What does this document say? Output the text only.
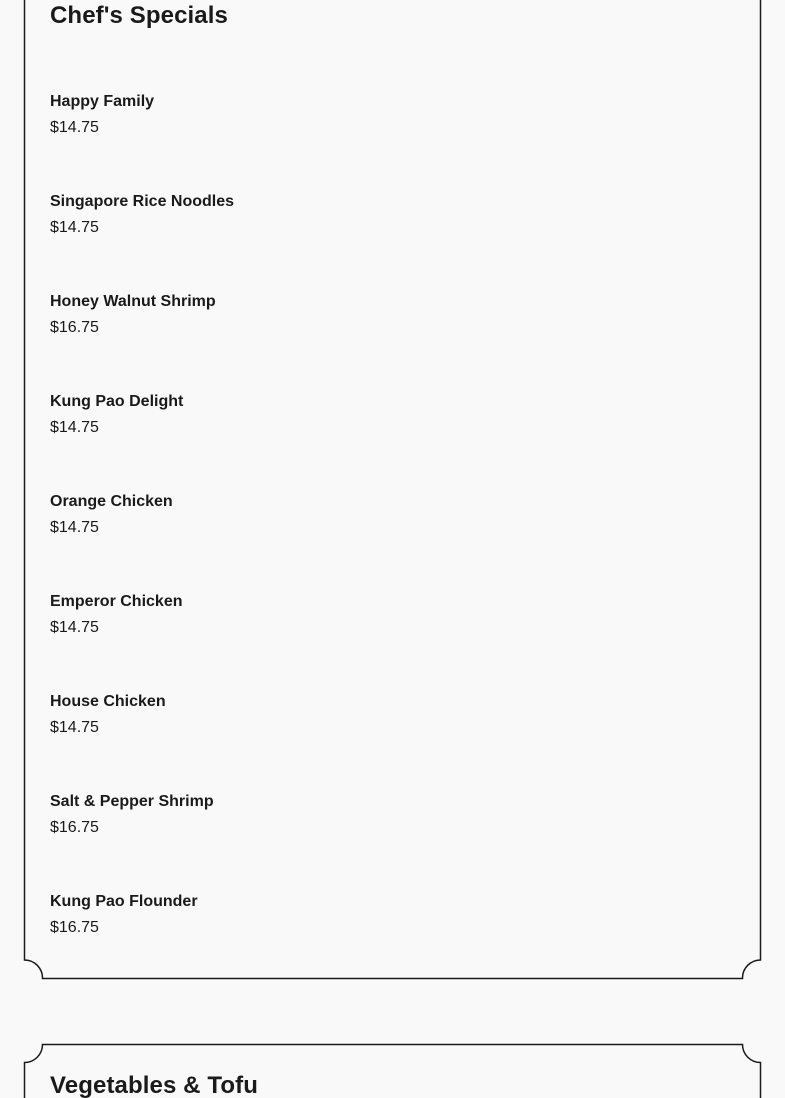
Chef's Specials
Happy Family
$14.75
Singapore Rice Noodles
$14.75
Honey Walnut Shrimp
$16.75
Kung Pao Delight
$14.75
Orange Chicken
$14.75
Emperor Chicken
$14.75
House Chicken
$14.75
Salt & Pepper Shrimp
$16.75
Kung Pao Flounder
$16.75
Vegetables & Tofu
